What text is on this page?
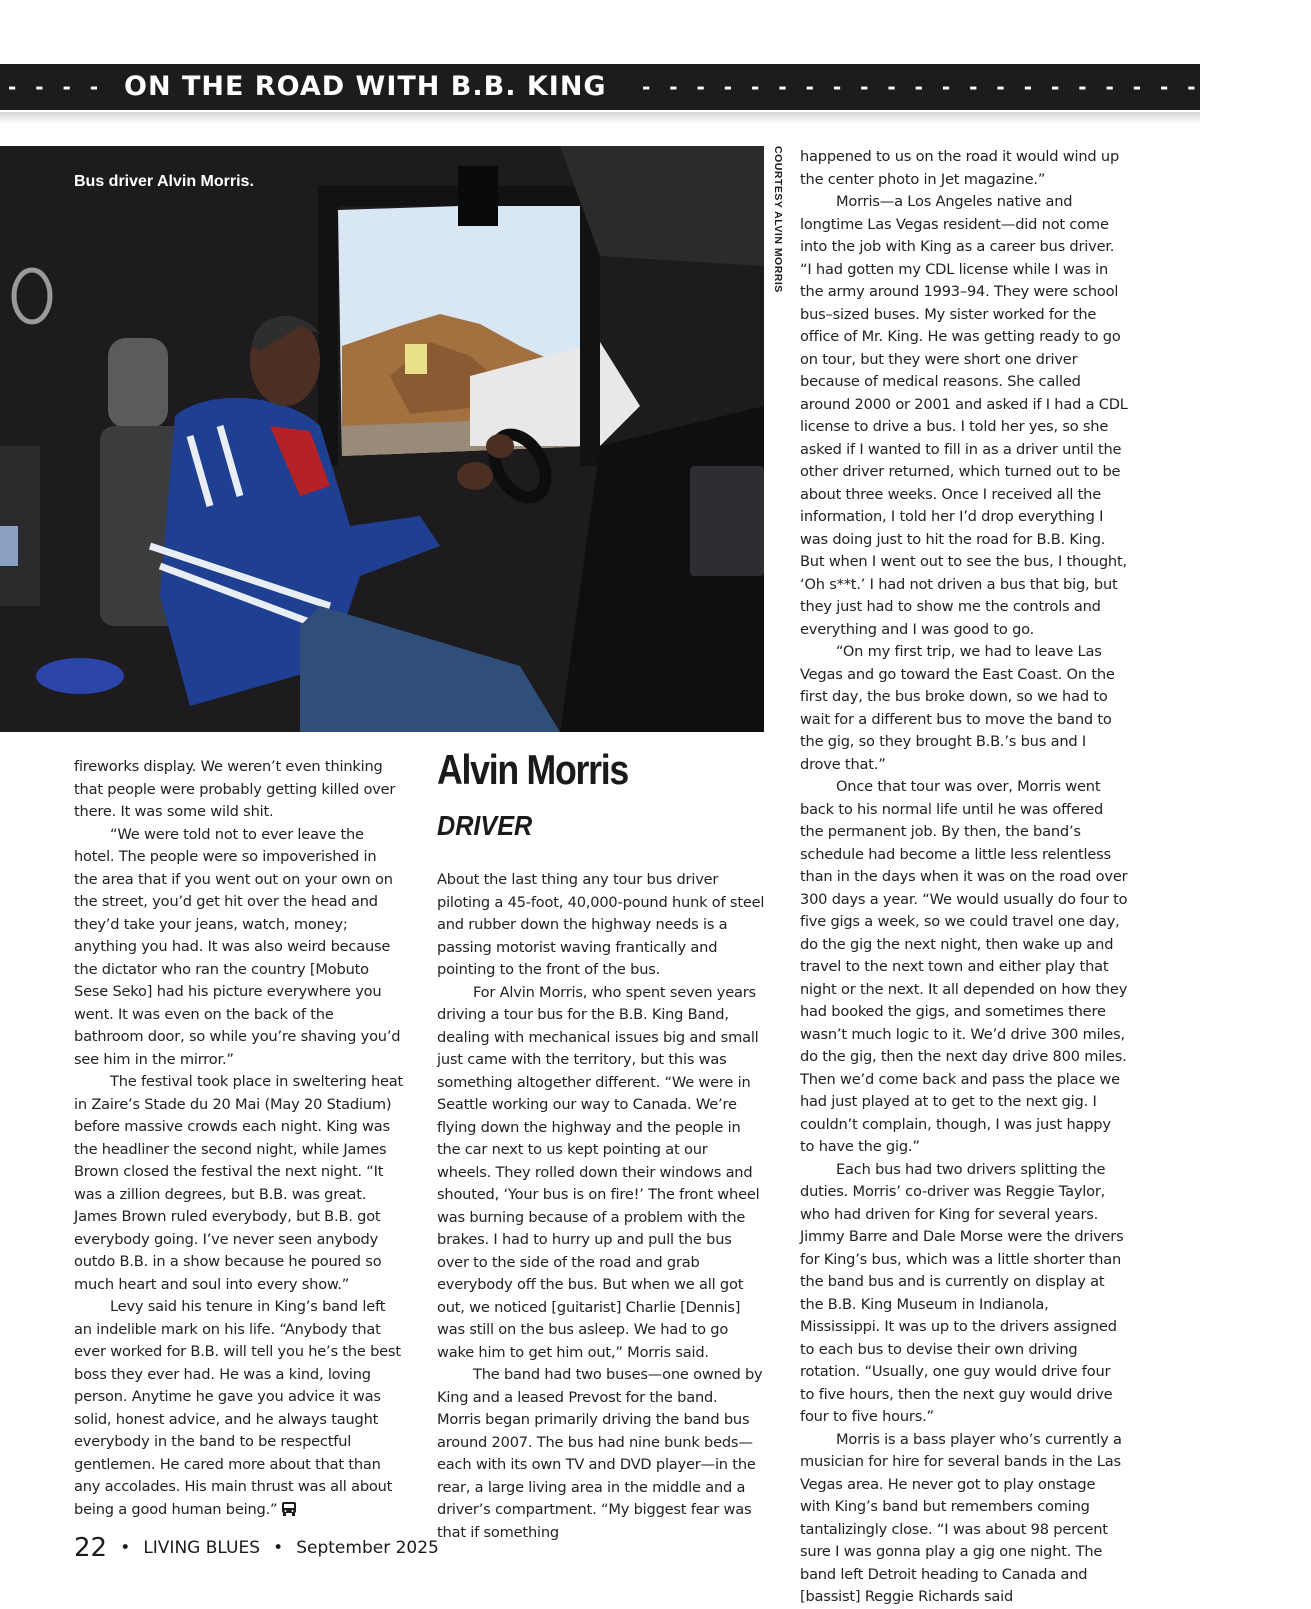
- - - - ON THE ROAD WITH B.B. KING - - - - - - - - - - - - - - - - - - - - - - - - -
Bus driver Alvin Morris.	COURTESY ALVIN MORRIS

fireworks display. We weren’t even thinking that people were probably getting killed over there. It was some wild shit.

“We were told not to ever leave the hotel. The people were so impoverished in the area that if you went out on your own on the street, you’d get hit over the head and they’d take your jeans, watch, money; anything you had. It was also weird because the dictator who ran the country [Mobuto Sese Seko] had his picture everywhere you went. It was even on the back of the bathroom door, so while you’re shaving you’d see him in the mirror.”

The festival took place in sweltering heat in Zaire’s Stade du 20 Mai (May 20 Stadium) before massive crowds each night. King was the headliner the second night, while James Brown closed the festival the next night. “It was a zillion degrees, but B.B. was great. James Brown ruled everybody, but B.B. got everybody going. I’ve never seen anybody outdo B.B. in a show because he poured so much heart and soul into every show.”

Levy said his tenure in King’s band left an indelible mark on his life. “Anybody that ever worked for B.B. will tell you he’s the best boss they ever had. He was a kind, loving person. Anytime he gave you advice it was solid, honest advice, and he always taught everybody in the band to be respectful gentlemen. He cared more about that than any accolades. His main thrust was all about being a good human being.”

Alvin Morris
DRIVER

About the last thing any tour bus driver piloting a 45-foot, 40,000-pound hunk of steel and rubber down the highway needs is a passing motorist waving frantically and pointing to the front of the bus.

For Alvin Morris, who spent seven years driving a tour bus for the B.B. King Band, dealing with mechanical issues big and small just came with the territory, but this was something altogether different. “We were in Seattle working our way to Canada. We’re flying down the highway and the people in the car next to us kept pointing at our wheels. They rolled down their windows and shouted, ‘Your bus is on fire!’ The front wheel was burning because of a problem with the brakes. I had to hurry up and pull the bus over to the side of the road and grab everybody off the bus. But when we all got out, we noticed [guitarist] Charlie [Dennis] was still on the bus asleep. We had to go wake him to get him out,” Morris said.

The band had two buses—one owned by King and a leased Prevost for the band. Morris began primarily driving the band bus around 2007. The bus had nine bunk beds—each with its own TV and DVD player—in the rear, a large living area in the middle and a driver’s compartment. “My biggest fear was that if something

happened to us on the road it would wind up the center photo in Jet magazine.”

Morris—a Los Angeles native and longtime Las Vegas resident—did not come into the job with King as a career bus driver. “I had gotten my CDL license while I was in the army around 1993–94. They were school bus–sized buses. My sister worked for the office of Mr. King. He was getting ready to go on tour, but they were short one driver because of medical reasons. She called around 2000 or 2001 and asked if I had a CDL license to drive a bus. I told her yes, so she asked if I wanted to fill in as a driver until the other driver returned, which turned out to be about three weeks. Once I received all the information, I told her I’d drop everything I was doing just to hit the road for B.B. King. But when I went out to see the bus, I thought, ‘Oh s**t.’ I had not driven a bus that big, but they just had to show me the controls and everything and I was good to go.

“On my first trip, we had to leave Las Vegas and go toward the East Coast. On the first day, the bus broke down, so we had to wait for a different bus to move the band to the gig, so they brought B.B.’s bus and I drove that.”

Once that tour was over, Morris went back to his normal life until he was offered the permanent job. By then, the band’s schedule had become a little less relentless than in the days when it was on the road over 300 days a year. “We would usually do four to five gigs a week, so we could travel one day, do the gig the next night, then wake up and travel to the next town and either play that night or the next. It all depended on how they had booked the gigs, and sometimes there wasn’t much logic to it. We’d drive 300 miles, do the gig, then the next day drive 800 miles. Then we’d come back and pass the place we had just played at to get to the next gig. I couldn’t complain, though, I was just happy to have the gig.”

Each bus had two drivers splitting the duties. Morris’ co-driver was Reggie Taylor, who had driven for King for several years. Jimmy Barre and Dale Morse were the drivers for King’s bus, which was a little shorter than the band bus and is currently on display at the B.B. King Museum in Indianola, Mississippi. It was up to the drivers assigned to each bus to devise their own driving rotation. “Usually, one guy would drive four to five hours, then the next guy would drive four to five hours.”

Morris is a bass player who’s currently a musician for hire for several bands in the Las Vegas area. He never got to play onstage with King’s band but remembers coming tantalizingly close. “I was about 98 percent sure I was gonna play a gig one night. The band left Detroit heading to Canada and [bassist] Reggie Richards said

22 • LIVING BLUES • September 2025
